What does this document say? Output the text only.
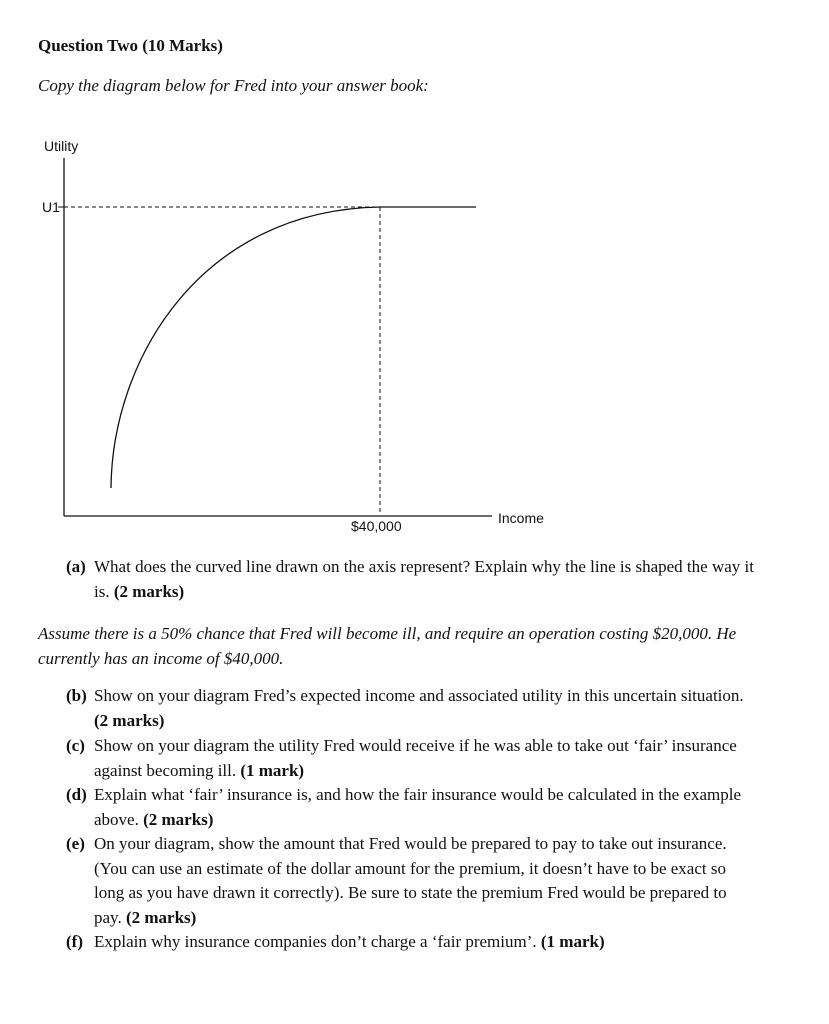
Question Two (10 Marks)
Copy the diagram below for Fred into your answer book:
Utility
U1
$40,000	Income
(a) What does the curved line drawn on the axis represent? Explain why the line is shaped the way it is. (2 marks)
Assume there is a 50% chance that Fred will become ill, and require an operation costing $20,000. He currently has an income of $40,000.
(b) Show on your diagram Fred’s expected income and associated utility in this uncertain situation. (2 marks)
(c) Show on your diagram the utility Fred would receive if he was able to take out ‘fair’ insurance against becoming ill. (1 mark)
(d) Explain what ‘fair’ insurance is, and how the fair insurance would be calculated in the example above. (2 marks)
(e) On your diagram, show the amount that Fred would be prepared to pay to take out insurance. (You can use an estimate of the dollar amount for the premium, it doesn’t have to be exact so long as you have drawn it correctly). Be sure to state the premium Fred would be prepared to pay. (2 marks)
(f) Explain why insurance companies don’t charge a ‘fair premium’. (1 mark)
